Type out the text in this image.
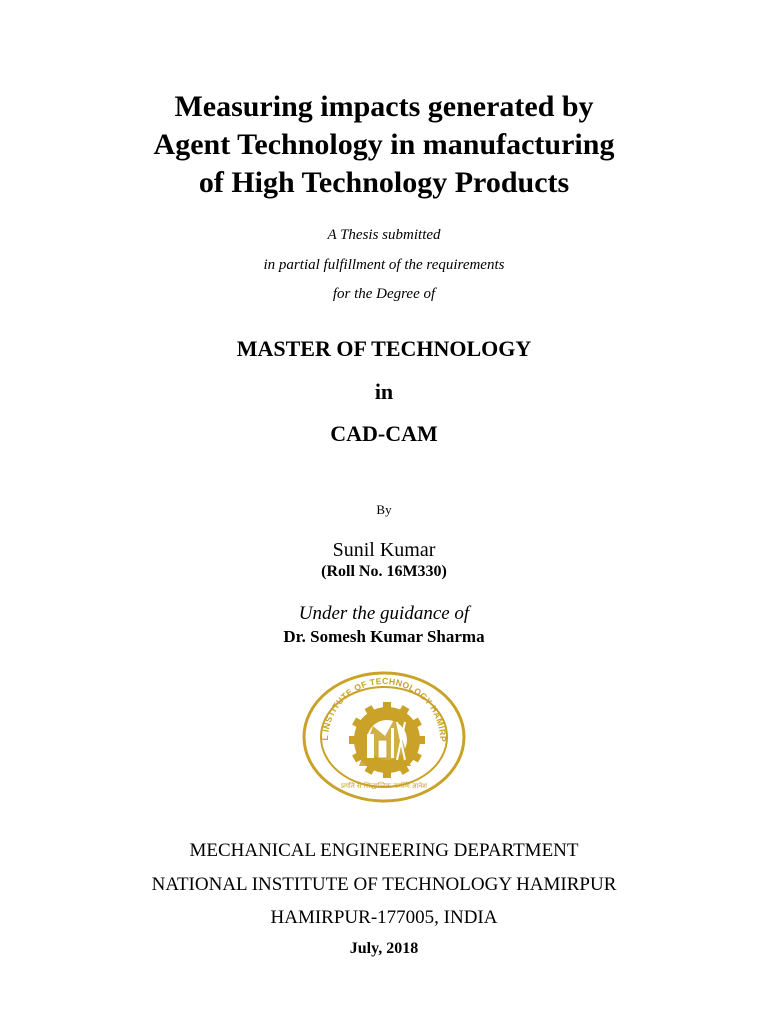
Measuring impacts generated by
Agent Technology in manufacturing
of High Technology Products
A Thesis submitted
in partial fulfillment of the requirements
for the Degree of
MASTER OF TECHNOLOGY
in
CAD-CAM
By
Sunil Kumar
(Roll No. 16M330)
Under the guidance of
Dr. Somesh Kumar Sharma
L INSTITUTE OF TECHNOLOGY HAMIRP
प्रगति से सिद्धान्तिक कर्मणि ज्ञानेश
MECHANICAL ENGINEERING DEPARTMENT
NATIONAL INSTITUTE OF TECHNOLOGY HAMIRPUR
HAMIRPUR-177005, INDIA
July, 2018
